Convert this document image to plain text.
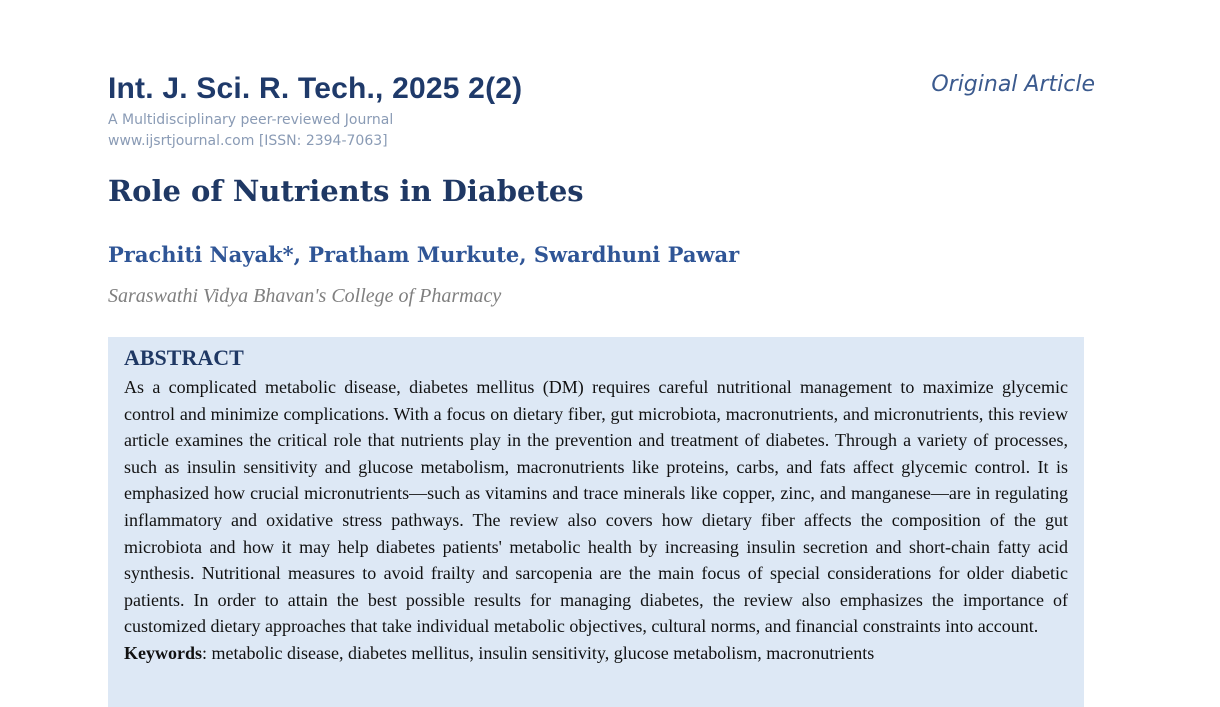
Int. J. Sci. R. Tech., 2025 2(2)
A Multidisciplinary peer-reviewed Journal
www.ijsrtjournal.com [ISSN: 2394-7063]
Original Article
Role of Nutrients in Diabetes
Prachiti Nayak*, Pratham Murkute, Swardhuni Pawar
Saraswathi Vidya Bhavan's College of Pharmacy
ABSTRACT

As a complicated metabolic disease, diabetes mellitus (DM) requires careful nutritional management to maximize glycemic control and minimize complications. With a focus on dietary fiber, gut microbiota, macronutrients, and micronutrients, this review article examines the critical role that nutrients play in the prevention and treatment of diabetes. Through a variety of processes, such as insulin sensitivity and glucose metabolism, macronutrients like proteins, carbs, and fats affect glycemic control. It is emphasized how crucial micronutrients—such as vitamins and trace minerals like copper, zinc, and manganese—are in regulating inflammatory and oxidative stress pathways. The review also covers how dietary fiber affects the composition of the gut microbiota and how it may help diabetes patients' metabolic health by increasing insulin secretion and short-chain fatty acid synthesis. Nutritional measures to avoid frailty and sarcopenia are the main focus of special considerations for older diabetic patients. In order to attain the best possible results for managing diabetes, the review also emphasizes the importance of customized dietary approaches that take individual metabolic objectives, cultural norms, and financial constraints into account.

Keywords: metabolic disease, diabetes mellitus, insulin sensitivity, glucose metabolism, macronutrients
